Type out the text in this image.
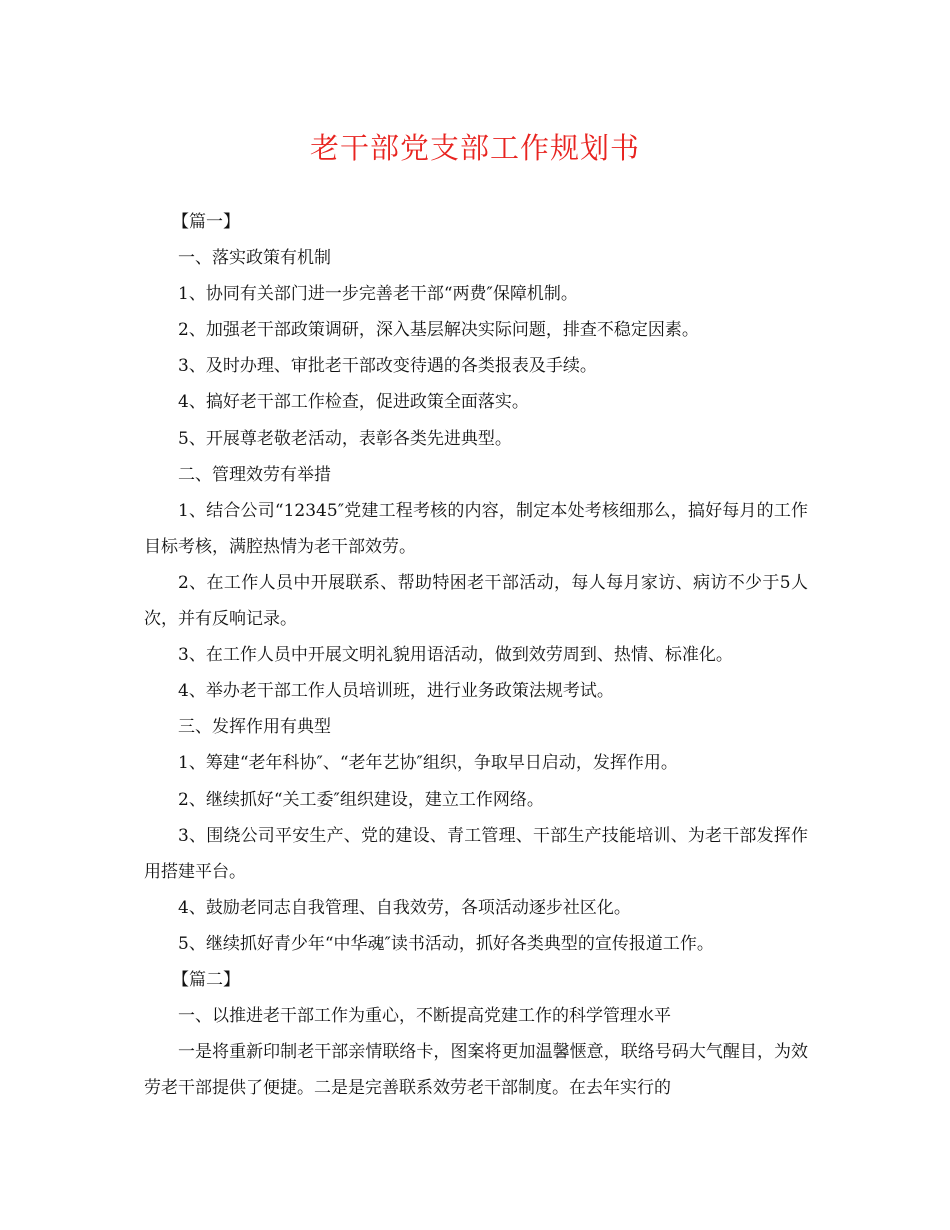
老干部党支部工作规划书

【篇一】

一、落实政策有机制

1、协同有关部门进一步完善老干部“两费″保障机制。

2、加强老干部政策调研，深入基层解决实际问题，排查不稳定因素。

3、及时办理、审批老干部改变待遇的各类报表及手续。

4、搞好老干部工作检查，促进政策全面落实。

5、开展尊老敬老活动，表彰各类先进典型。

二、管理效劳有举措

1、结合公司“12345″党建工程考核的内容，制定本处考核细那么，搞好每月的工作目标考核，满腔热情为老干部效劳。

2、在工作人员中开展联系、帮助特困老干部活动，每人每月家访、病访不少于5人次，并有反响记录。

3、在工作人员中开展文明礼貌用语活动，做到效劳周到、热情、标准化。

4、举办老干部工作人员培训班，进行业务政策法规考试。

三、发挥作用有典型

1、筹建“老年科协″、“老年艺协″组织，争取早日启动，发挥作用。

2、继续抓好“关工委″组织建设，建立工作网络。

3、围绕公司平安生产、党的建设、青工管理、干部生产技能培训、为老干部发挥作用搭建平台。

4、鼓励老同志自我管理、自我效劳，各项活动逐步社区化。

5、继续抓好青少年“中华魂″读书活动，抓好各类典型的宣传报道工作。

【篇二】

一、以推进老干部工作为重心，不断提高党建工作的科学管理水平

一是将重新印制老干部亲情联络卡，图案将更加温馨惬意，联络号码大气醒目，为效劳老干部提供了便捷。二是是完善联系效劳老干部制度。在去年实行的
